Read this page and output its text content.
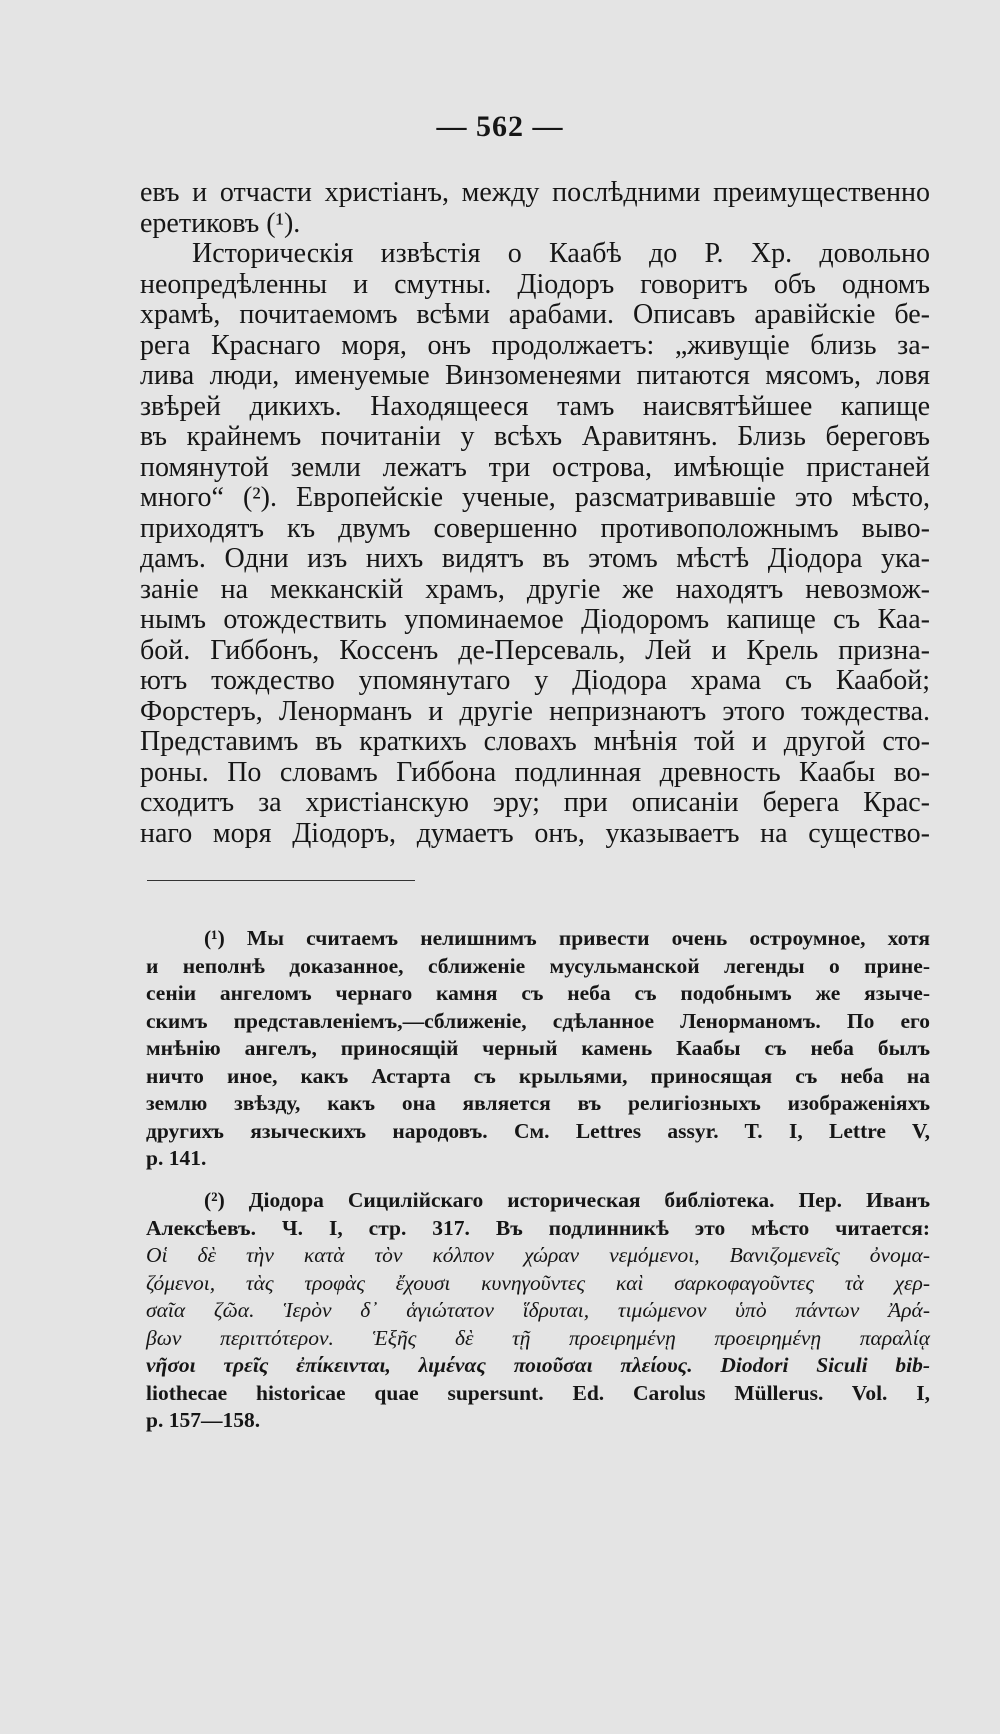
— 562 —
евъ и отчасти христіанъ, между послѣдними преимущественно
еретиковъ (¹).
Историческія извѣстія о Каабѣ до Р. Хр. довольно
неопредѣленны и смутны. Діодоръ говоритъ объ одномъ
храмѣ, почитаемомъ всѣми арабами. Описавъ аравійскіе бе-
рега Краснаго моря, онъ продолжаетъ: „живущіе близь за-
лива люди, именуемые Винзоменеями питаются мясомъ, ловя
звѣрей дикихъ. Находящееся тамъ наисвятѣйшее капище
въ крайнемъ почитаніи у всѣхъ Аравитянъ. Близь береговъ
помянутой земли лежатъ три острова, имѣющіе пристаней
много“ (²). Европейскіе ученые, разсматривавшіе это мѣсто,
приходятъ къ двумъ совершенно противоположнымъ выво-
дамъ. Одни изъ нихъ видятъ въ этомъ мѣстѣ Діодора ука-
заніе на мекканскій храмъ, другіе же находятъ невозмож-
нымъ отождествить упоминаемое Діодоромъ капище съ Каа-
бой. Гиббонъ, Коссенъ де-Персеваль, Лей и Крель призна-
ютъ тождество упомянутаго у Діодора храма съ Каабой;
Форстеръ, Ленорманъ и другіе непризнаютъ этого тождества.
Представимъ въ краткихъ словахъ мнѣнія той и другой сто-
роны. По словамъ Гиббона подлинная древность Каабы во-
сходитъ за христіанскую эру; при описаніи берега Крас-
наго моря Діодоръ, думаетъ онъ, указываетъ на существо-
(¹) Мы считаемъ нелишнимъ привести очень остроумное, хотя
и неполнѣ доказанное, сближеніе мусульманской легенды о прине-
сеніи ангеломъ чернаго камня съ неба съ подобнымъ же языче-
скимъ представленіемъ,—сближеніе, сдѣланное Ленорманомъ. По его
мнѣнію ангелъ, приносящій черный камень Каабы съ неба былъ
ничто иное, какъ Астарта съ крыльями, приносящая съ неба на
землю звѣзду, какъ она является въ религіозныхъ изображеніяхъ
другихъ языческихъ народовъ. См. Lettres assyr. T. I, Lettre V,
p. 141.
(²) Діодора Сицилійскаго историческая библіотека. Пер. Иванъ
Алексѣевъ. Ч. I, стр. 317. Въ подлинникѣ это мѣсто читается:
Οἱ δὲ τὴν κατὰ τὸν κόλπον χώραν νεμόμενοι, Βανιζομενεῖς ὀνομα-
ζόμενοι, τὰς τροφὰς ἔχουσι κυνηγοῦντες καὶ σαρκοφαγοῦντες τὰ χερ-
σαῖα ζῶα. Ἱερὸν δ᾽ ἁγιώτατον ἵδρυται, τιμώμενον ὑπὸ πάντων Ἀρά-
βων περιττότερον. Ἑξῆς δὲ τῇ προειρημένῃ προειρημένῃ παραλίᾳ
νῆσοι τρεῖς ἐπίκεινται, λιμένας ποιοῦσαι πλείους. Diodori Siculi bib-
liothecae historicae quae supersunt. Ed. Carolus Müllerus. Vol. I,
p. 157—158.
